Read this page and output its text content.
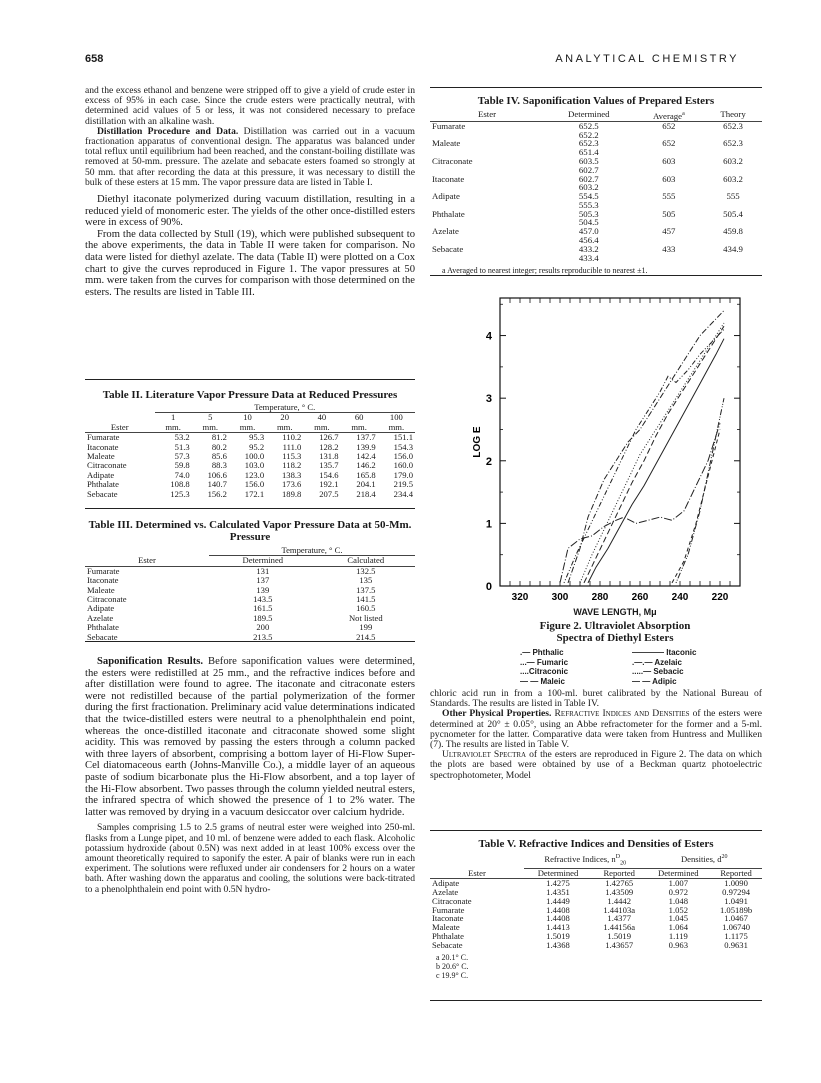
658	ANALYTICAL CHEMISTRY

and the excess ethanol and benzene were stripped off to give a yield of crude ester in excess of 95% in each case. Since the crude esters were practically neutral, with determined acid values of 5 or less, it was not considered necessary to preface distillation with an alkaline wash.

Distillation Procedure and Data. Distillation was carried out in a vacuum fractionation apparatus of conventional design. The apparatus was balanced under total reflux until equilibrium had been reached, and the constant-boiling distillate was removed at 50-mm. pressure. The azelate and sebacate esters foamed so strongly at 50 mm. that after recording the data at this pressure, it was necessary to distill the bulk of these esters at 15 mm. The vapor pressure data are listed in Table I.

Diethyl itaconate polymerized during vacuum distillation, resulting in a reduced yield of monomeric ester. The yields of the other once-distilled esters were in excess of 90%.

From the data collected by Stull (19), which were published subsequent to the above experiments, the data in Table II were taken for comparison. No data were listed for diethyl azelate. The data (Table II) were plotted on a Cox chart to give the curves reproduced in Figure 1. The vapor pressures at 50 mm. were taken from the curves for comparison with those determined on the esters. The results are listed in Table III.

Table II. Literature Vapor Pressure Data at Reduced Pressures
	Temperature, ° C.						
	1	5	10	20	40	60	100
Ester	mm.	mm.	mm.	mm.	mm.	mm.	mm.
Fumarate	53.2	81.2	95.3	110.2	126.7	137.7	151.1
Itaconate	51.3	80.2	95.2	111.0	128.2	139.9	154.3
Maleate	57.3	85.6	100.0	115.3	131.8	142.4	156.0
Citraconate	59.8	88.3	103.0	118.2	135.7	146.2	160.0
Adipate	74.0	106.6	123.0	138.3	154.6	165.8	179.0
Phthalate	108.8	140.7	156.0	173.6	192.1	204.1	219.5
Sebacate	125.3	156.2	172.1	189.8	207.5	218.4	234.4
Table III. Determined vs. Calculated Vapor Pressure Data at 50-Mm. Pressure
	Temperature, ° C.	
Ester	Determined	Calculated
Fumarate	131	132.5
Itaconate	137	135
Maleate	139	137.5
Citraconate	143.5	141.5
Adipate	161.5	160.5
Azelate	189.5	Not listed
Phthalate	200	199
Sebacate	213.5	214.5

Saponification Results. Before saponification values were determined, the esters were redistilled at 25 mm., and the refractive indices before and after distillation were found to agree. The itaconate and citraconate esters were not redistilled because of the partial polymerization of the former during the first fractionation. Preliminary acid value determinations indicated that the twice-distilled esters were neutral to a phenolphthalein end point, whereas the once-distilled itaconate and citraconate showed some slight acidity. This was removed by passing the esters through a column packed with three layers of absorbent, comprising a bottom layer of Hi-Flow Super-Cel diatomaceous earth (Johns-Manville Co.), a middle layer of an aqueous paste of sodium bicarbonate plus the Hi-Flow absorbent, and a top layer of the Hi-Flow absorbent. Two passes through the column yielded neutral esters, the infrared spectra of which showed the presence of 1 to 2% water. The latter was removed by drying in a vacuum desiccator over calcium hydride.

Samples comprising 1.5 to 2.5 grams of neutral ester were weighed into 250-ml. flasks from a Lunge pipet, and 10 ml. of benzene were added to each flask. Alcoholic potassium hydroxide (about 0.5N) was next added in at least 100% excess over the amount theoretically required to saponify the ester. A pair of blanks were run in each experiment. The solutions were refluxed under air condensers for 2 hours on a water bath. After washing down the apparatus and cooling, the solutions were back-titrated to a phenolphthalein end point with 0.5N hydro-

Table IV. Saponification Values of Prepared Esters
Ester	Determined	Average$^a$	Theory
Fumarate	652.5	652	652.3
	652.2		
Maleate	652.3	652	652.3
	651.4		
Citraconate	603.5	603	603.2
	602.7		
Itaconate	602.7	603	603.2
	603.2		
Adipate	554.5	555	555
	555.3		
Phthalate	505.3	505	505.4
	504.5		
Azelate	457.0	457	459.8
	456.4		
Sebacate	433.2	433	434.9
	433.4		
a Averaged to nearest integer; results reproducible to nearest ±1.
320 300 280 260 240 220
0
1
2
3
4
LOG E
WAVE LENGTH, Mμ
Figure 2. Ultraviolet Absorption
Spectra of Diethyl Esters
.— Phthalic
...— Fumaric
....Citraconic
— — Maleic
———— Itaconic
.—.— Azelaic
.....— Sebacic
— — Adipic

chloric acid run in from a 100-ml. buret calibrated by the National Bureau of Standards. The results are listed in Table IV.

Other Physical Properties. Refractive Indices and Densities of the esters were determined at 20° ± 0.05°, using an Abbe refractometer for the former and a 5-ml. pycnometer for the latter. Comparative data were taken from Huntress and Mulliken (7). The results are listed in Table V.

Ultraviolet Spectra of the esters are reproduced in Figure 2. The data on which the plots are based were obtained by use of a Beckman quartz photoelectric spectrophotometer, Model

Table V. Refractive Indices and Densities of Esters
	Refractive Indices, $n^D_{20}$		Densities, $d^{20}$
Ester	Determined	Reported	Determined	Reported
Adipate	1.4275	1.42765	1.007	1.0090
Azelate	1.4351	1.43509	0.972	0.97294
Citraconate	1.4449	1.4442	1.048	1.0491
Fumarate	1.4408	1.44103a	1.052	1.05189b
Itaconate	1.4408	1.4377	1.045	1.0467
Maleate	1.4413	1.44156a	1.064	1.06740
Phthalate	1.5019	1.5019	1.119	1.1175
Sebacate	1.4368	1.43657	0.963	0.9631
a 20.1° C.
b 20.6° C.
c 19.9° C.
